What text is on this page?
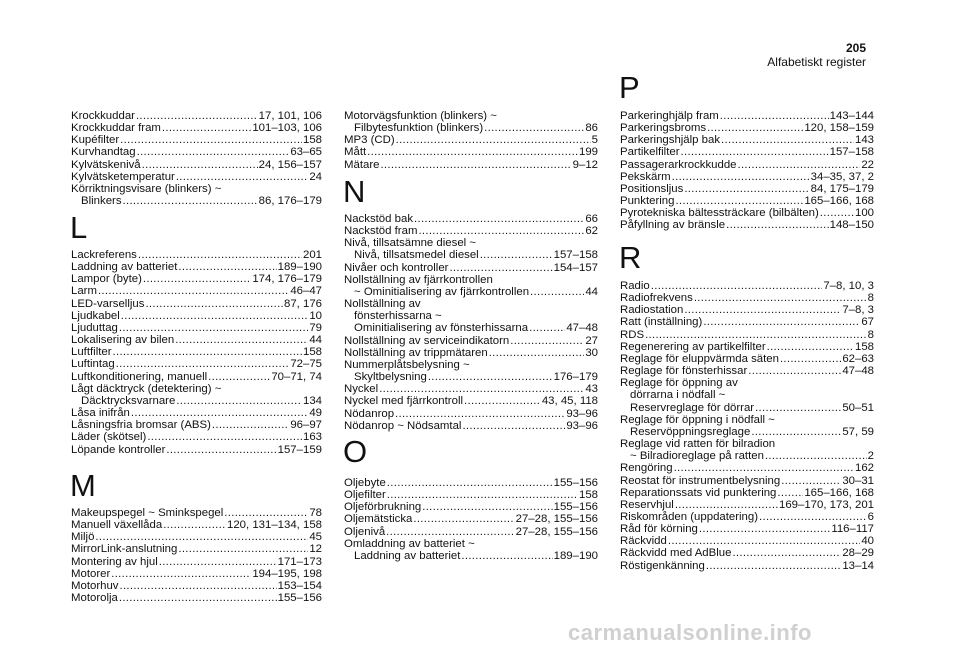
205
Alfabetiskt register
Krockkuddar .....	17, 101, 106
Krockkuddar fram .....	101–103, 106
Kupéfilter .....	158
Kurvhandtag .....	63–65
Kylvätskenivå .....	24, 156–157
Kylvätsketemperatur .....	24
Körriktningsvisare (blinkers) ~
Blinkers .....	86, 176–179
L
Lackreferens .....	201
Laddning av batteriet .....	189–190
Lampor (byte) .....	174, 176–179
Larm .....	46–47
LED-varselljus .....	87, 176
Ljudkabel .....	10
Ljuduttag .....	79
Lokalisering av bilen .....	44
Luftfilter .....	158
Luftintag .....	72–75
Luftkonditionering, manuell .....	70–71, 74
Lågt däcktryck (detektering) ~
Däcktrycksvarnare .....	134
Låsa inifrån .....	49
Låsningsfria bromsar (ABS) .....	96–97
Läder (skötsel) .....	163
Löpande kontroller .....	157–159
M
Makeupspegel ~ Sminkspegel .....	78
Manuell växellåda .....	120, 131–134, 158
Miljö .....	45
MirrorLink-anslutning .....	12
Montering av hjul .....	171–173
Motorer .....	194–195, 198
Motorhuv .....	153–154
Motorolja .....	155–156
Motorvägsfunktion (blinkers) ~
Filbytesfunktion (blinkers) .....	86
MP3 (CD) .....	5
Mått .....	199
Mätare .....	9–12
N
Nackstöd bak .....	66
Nackstöd fram .....	62
Nivå, tillsatsämne diesel ~
Nivå, tillsatsmedel diesel .....	157–158
Nivåer och kontroller .....	154–157
Nollställning av fjärrkontrollen
~ Ominitialisering av fjärrkontrollen .....	44
Nollställning av
fönsterhissarna ~
Ominitialisering av fönsterhissarna .....	47–48
Nollställning av serviceindikatorn .....	27
Nollställning av trippmätaren .....	30
Nummerplåtsbelysning ~
Skyltbelysning .....	176–179
Nyckel .....	43
Nyckel med fjärrkontroll .....	43, 45, 118
Nödanrop .....	93–96
Nödanrop ~ Nödsamtal .....	93–96
O
Oljebyte .....	155–156
Oljefilter .....	158
Oljeförbrukning .....	155–156
Oljemätsticka .....	27–28, 155–156
Oljenivå .....	27–28, 155–156
Omladdning av batteriet ~
Laddning av batteriet .....	189–190
P
Parkeringhjälp fram .....	143–144
Parkeringsbroms .....	120, 158–159
Parkeringshjälp bak .....	143
Partikelfilter .....	157–158
Passagerarkrockkudde .....	22
Pekskärm .....	34–35, 37, 2
Positionsljus .....	84, 175–179
Punktering .....	165–166, 168
Pyrotekniska bältessträckare (bilbälten) .....	100
Påfyllning av bränsle .....	148–150
R
Radio .....	7–8, 10, 3
Radiofrekvens .....	8
Radiostation .....	7–8, 3
Ratt (inställning) .....	67
RDS .....	8
Regenerering av partikelfilter .....	158
Reglage för eluppvärmda säten .....	62–63
Reglage för fönsterhissar .....	47–48
Reglage för öppning av
dörrarna i nödfall ~
Reservreglage för dörrar .....	50–51
Reglage för öppning i nödfall ~
Reservöppningsreglage .....	57, 59
Reglage vid ratten för bilradion
~ Bilradioreglage på ratten .....	2
Rengöring .....	162
Reostat för instrumentbelysning .....	30–31
Reparationssats vid punktering ..... 165–166, 168
Reservhjul .....	169–170, 173, 201
Riskområden (uppdatering) .....	6
Råd för körning .....	116–117
Räckvidd .....	40
Räckvidd med AdBlue .....	28–29
Röstigenkänning .....	13–14
carmanualsonline.info
